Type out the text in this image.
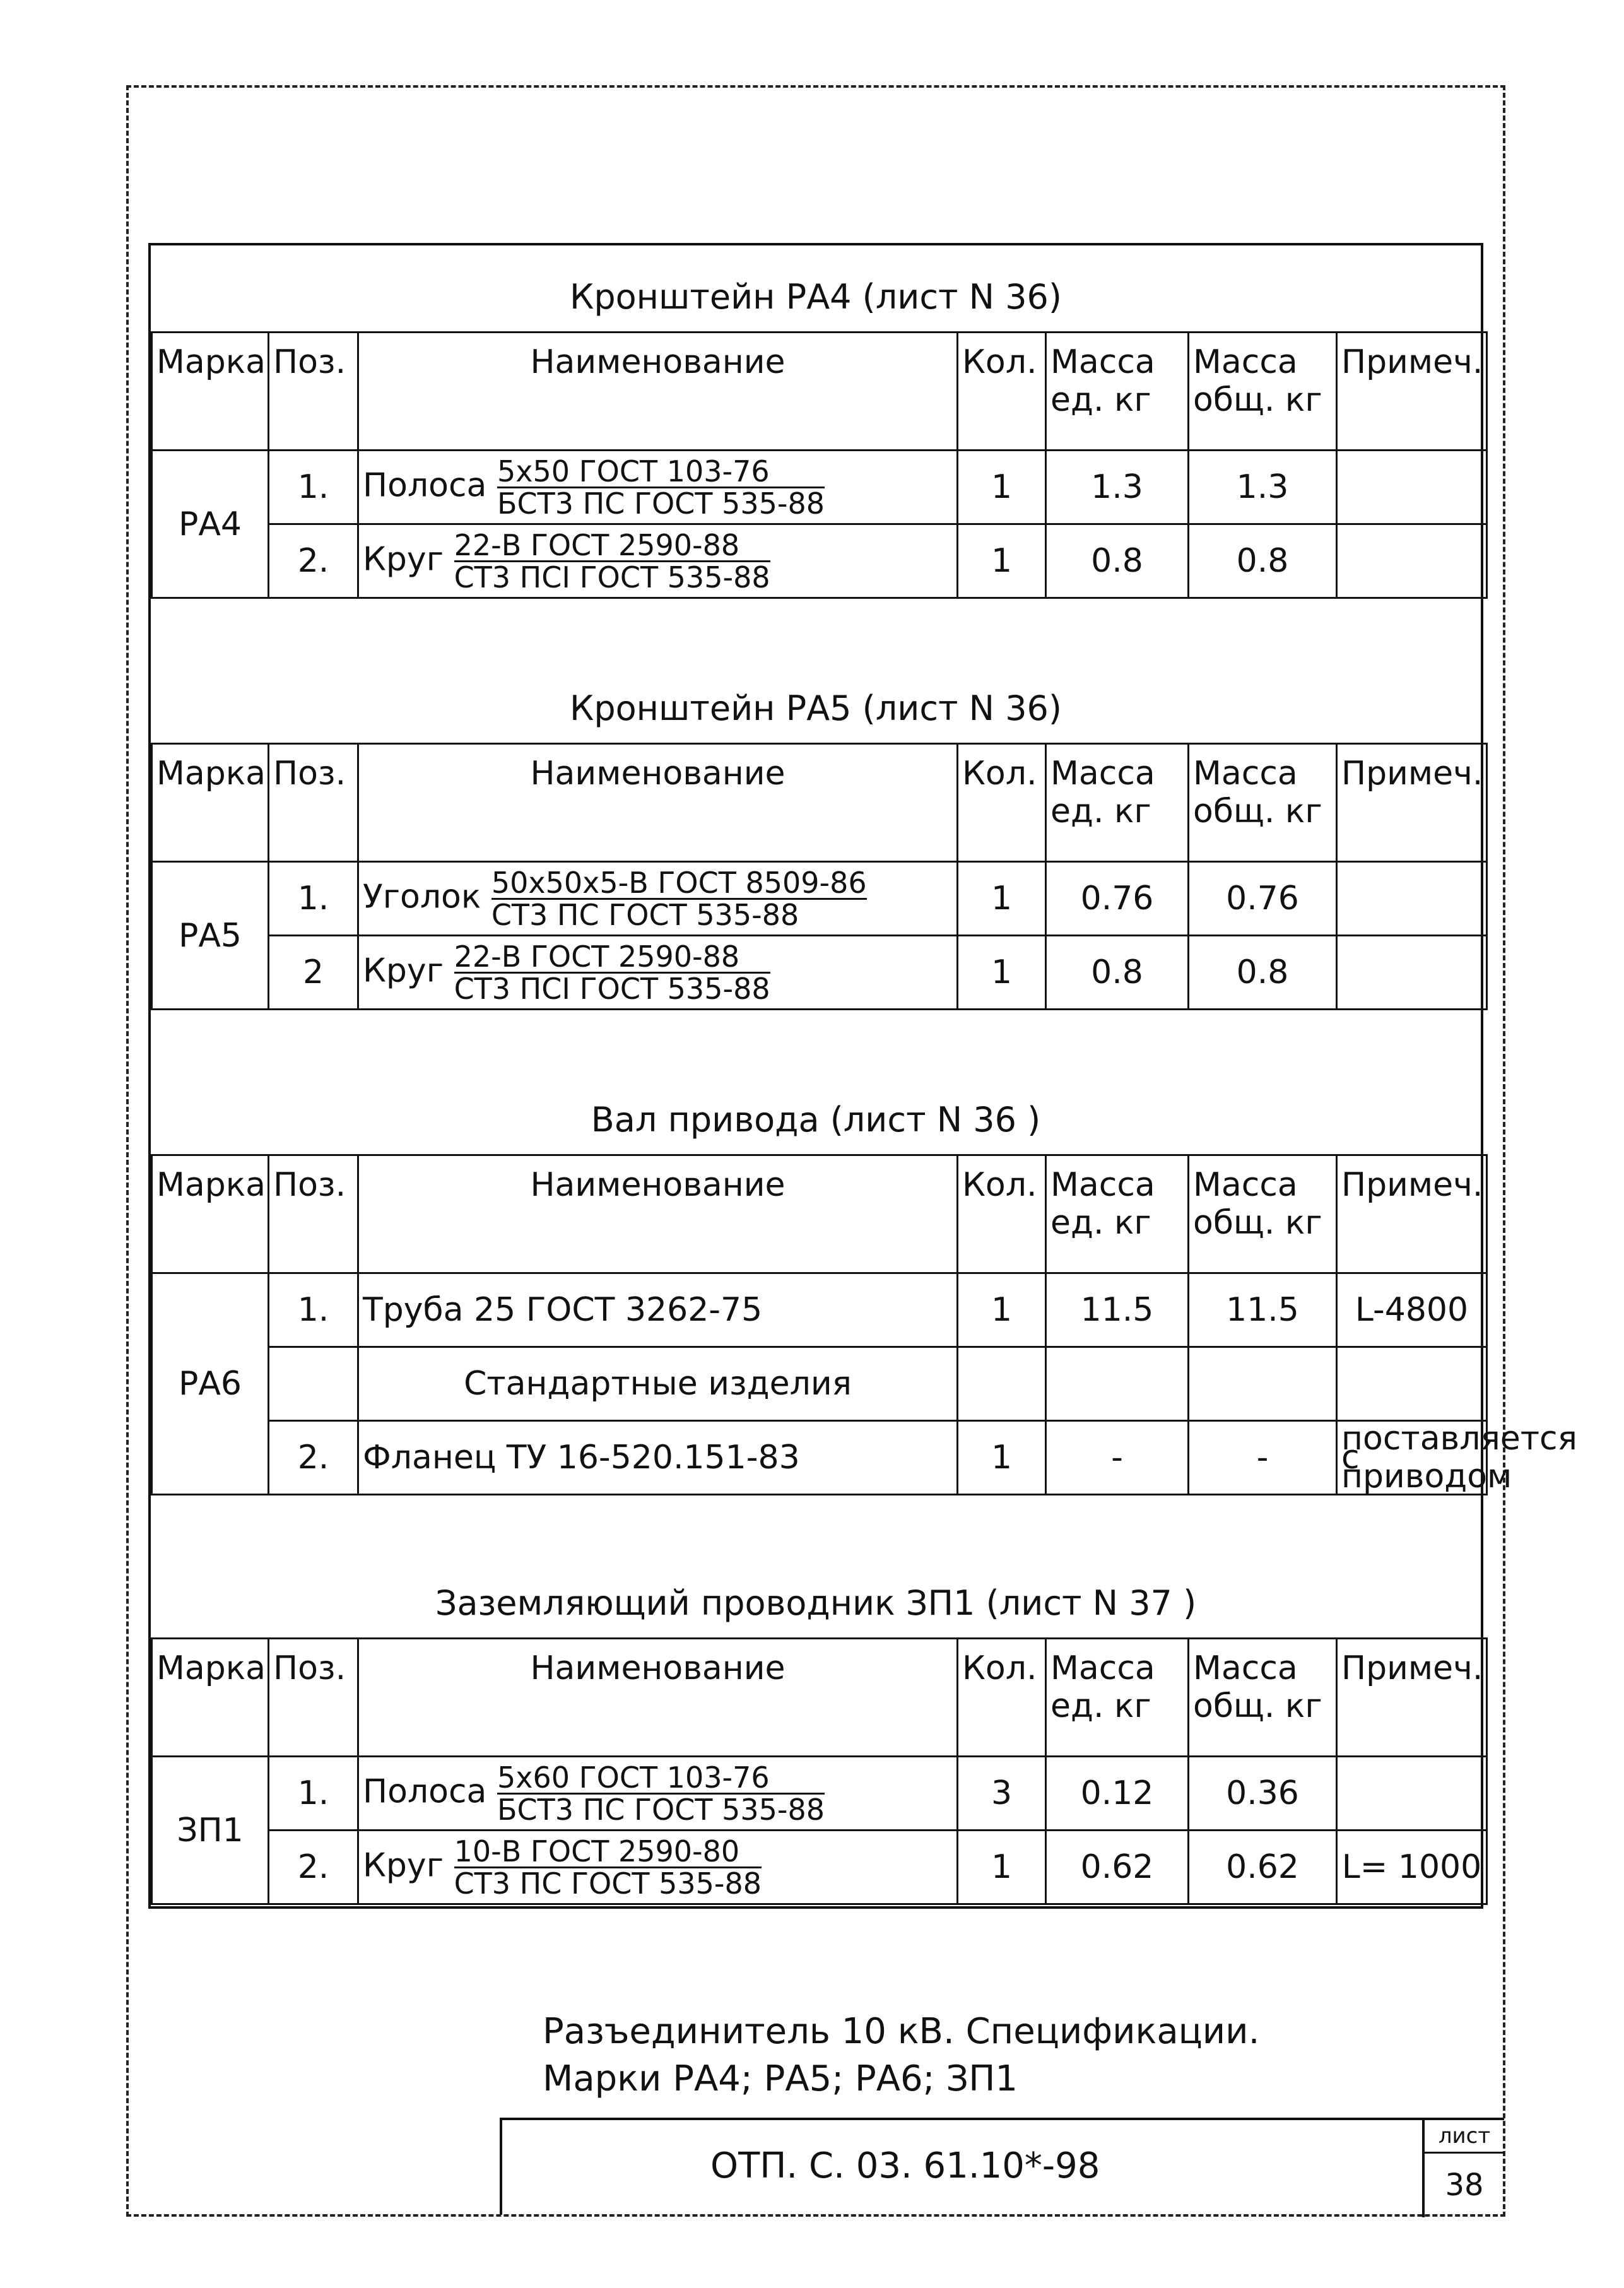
Кронштейн РА4 (лист N 36)
Марка	Поз.	Наименование	Кол.	Масса ед. кг	Масса общ. кг	Примеч.
РА4	1.	Полоса $\frac{\text{5х50 ГОСТ 103-76}}{\text{БСТ3 ПС ГОСТ 535-88}}$	1	1.3	1.3	
	2.	Круг $\frac{\text{22-В ГОСТ 2590-88}}{\text{СТ3 ПСI ГОСТ 535-88}}$	1	0.8	0.8	
Кронштейн РА5 (лист N 36)
Марка	Поз.	Наименование	Кол.	Масса ед. кг	Масса общ. кг	Примеч.
РА5	1.	Уголок $\frac{\text{50х50х5-В ГОСТ 8509-86}}{\text{СТ3 ПС ГОСТ 535-88}}$	1	0.76	0.76	
	2	Круг $\frac{\text{22-В ГОСТ 2590-88}}{\text{СТ3 ПСI ГОСТ 535-88}}$	1	0.8	0.8	
Вал привода (лист N 36 )
Марка	Поз.	Наименование	Кол.	Масса ед. кг	Масса общ. кг	Примеч.
РА6	1.	Труба 25 ГОСТ 3262-75	1	11.5	11.5	L-4800
		Стандартные изделия				
	2.	Фланец ТУ 16-520.151-83	1	-	-	поставляется с приводом
Заземляющий проводник ЗП1 (лист N 37 )
Марка	Поз.	Наименование	Кол.	Масса ед. кг	Масса общ. кг	Примеч.
ЗП1	1.	Полоса $\frac{\text{5х60 ГОСТ 103-76}}{\text{БСТ3 ПС ГОСТ 535-88}}$	3	0.12	0.36	
	2.	Круг $\frac{\text{10-В ГОСТ 2590-80}}{\text{СТ3 ПС ГОСТ 535-88}}$	1	0.62	0.62	L= 1000
Разъединитель 10 кВ. Спецификации.
Марки РА4; РА5; РА6; ЗП1
ОТП. С. 03. 61.10*-98
лист
38
